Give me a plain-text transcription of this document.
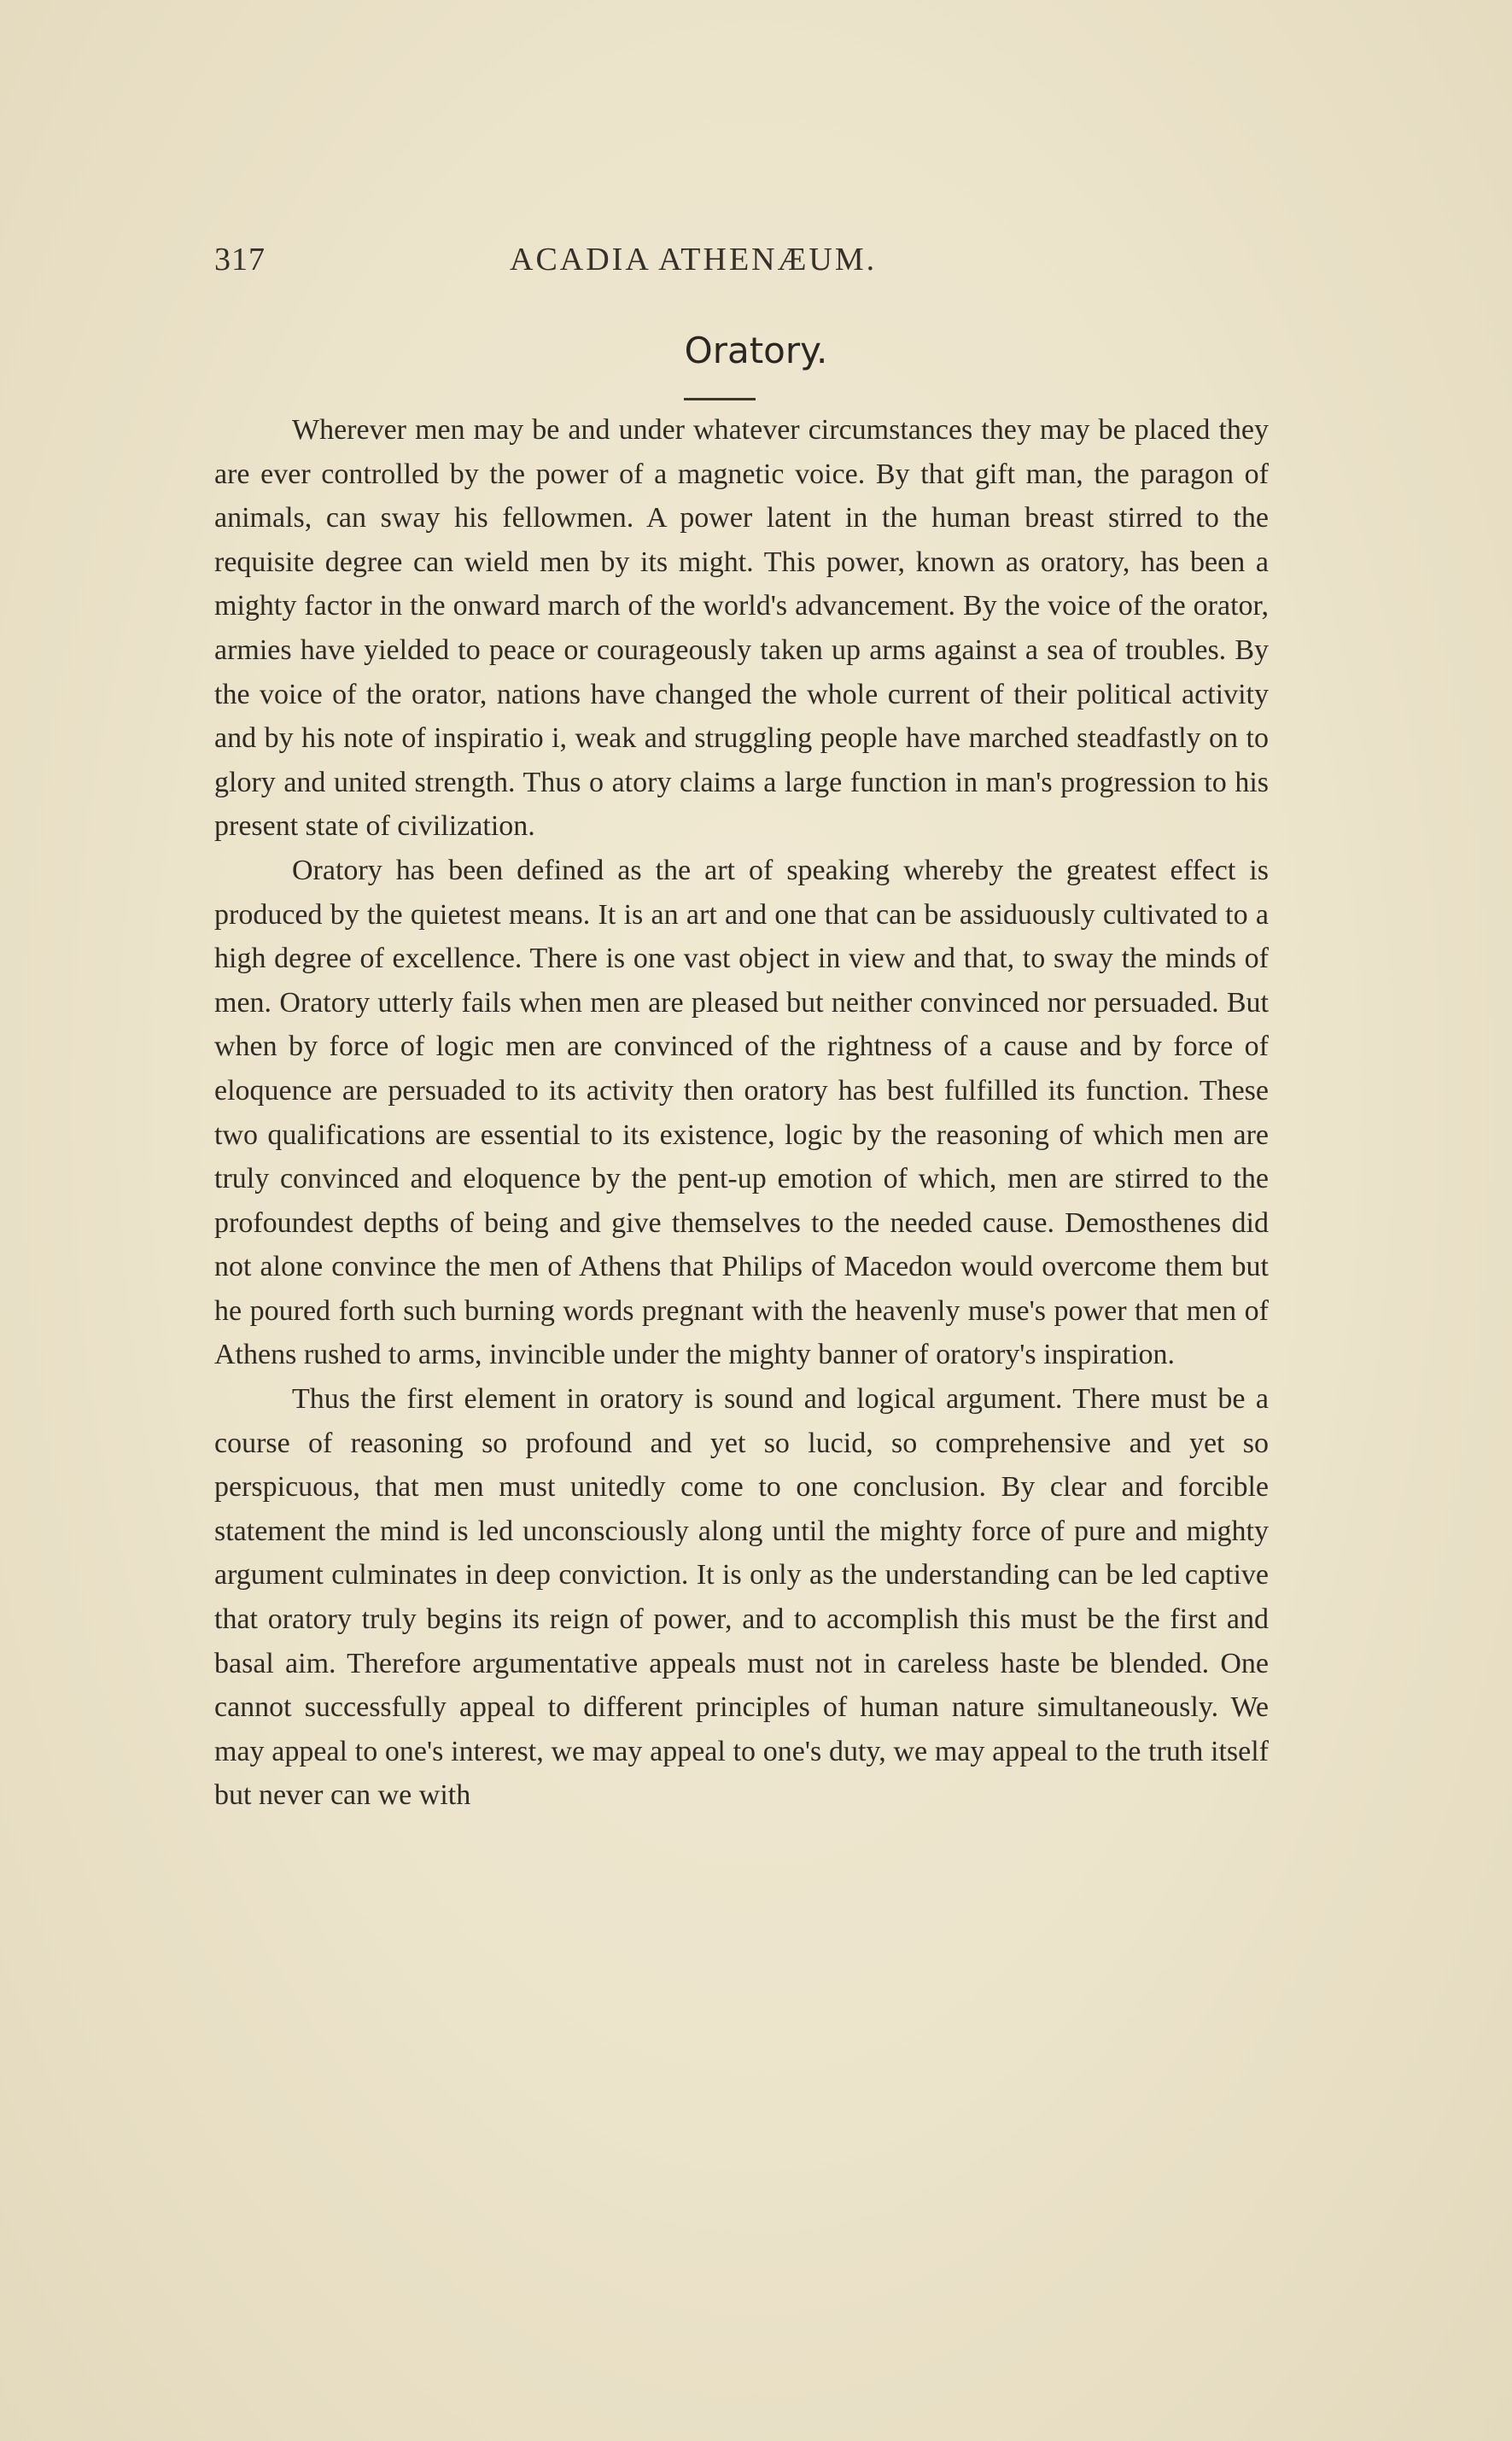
317	ACADIA ATHENÆUM.
Oratory.

Wherever men may be and under whatever circumstances they may be placed they are ever controlled by the power of a magnetic voice. By that gift man, the paragon of animals, can sway his fellowmen. A power latent in the human breast stirred to the requisite degree can wield men by its might. This power, known as oratory, has been a mighty factor in the onward march of the world's advancement. By the voice of the orator, armies have yielded to peace or courageously taken up arms against a sea of troubles. By the voice of the orator, nations have changed the whole current of their political activity and by his note of inspiratio i, weak and struggling people have marched steadfastly on to glory and united strength. Thus o atory claims a large function in man's progression to his present state of civilization.

Oratory has been defined as the art of speaking whereby the greatest effect is produced by the quietest means. It is an art and one that can be assiduously cultivated to a high degree of excellence. There is one vast object in view and that, to sway the minds of men. Oratory utterly fails when men are pleased but neither convinced nor persuaded. But when by force of logic men are convinced of the rightness of a cause and by force of eloquence are persuaded to its activity then oratory has best fulfilled its function. These two qualifications are essential to its existence, logic by the reasoning of which men are truly convinced and eloquence by the pent-up emotion of which, men are stirred to the profoundest depths of being and give themselves to the needed cause. Demosthenes did not alone convince the men of Athens that Philips of Macedon would overcome them but he poured forth such burning words pregnant with the heavenly muse's power that men of Athens rushed to arms, invincible under the mighty banner of oratory's inspiration.

Thus the first element in oratory is sound and logical argument. There must be a course of reasoning so profound and yet so lucid, so comprehensive and yet so perspicuous, that men must unitedly come to one conclusion. By clear and forcible statement the mind is led unconsciously along until the mighty force of pure and mighty argument culminates in deep conviction. It is only as the understanding can be led captive that oratory truly begins its reign of power, and to accomplish this must be the first and basal aim. Therefore argumentative appeals must not in careless haste be blended. One cannot successfully appeal to different principles of human nature simultaneously. We may appeal to one's interest, we may appeal to one's duty, we may appeal to the truth itself but never can we with
